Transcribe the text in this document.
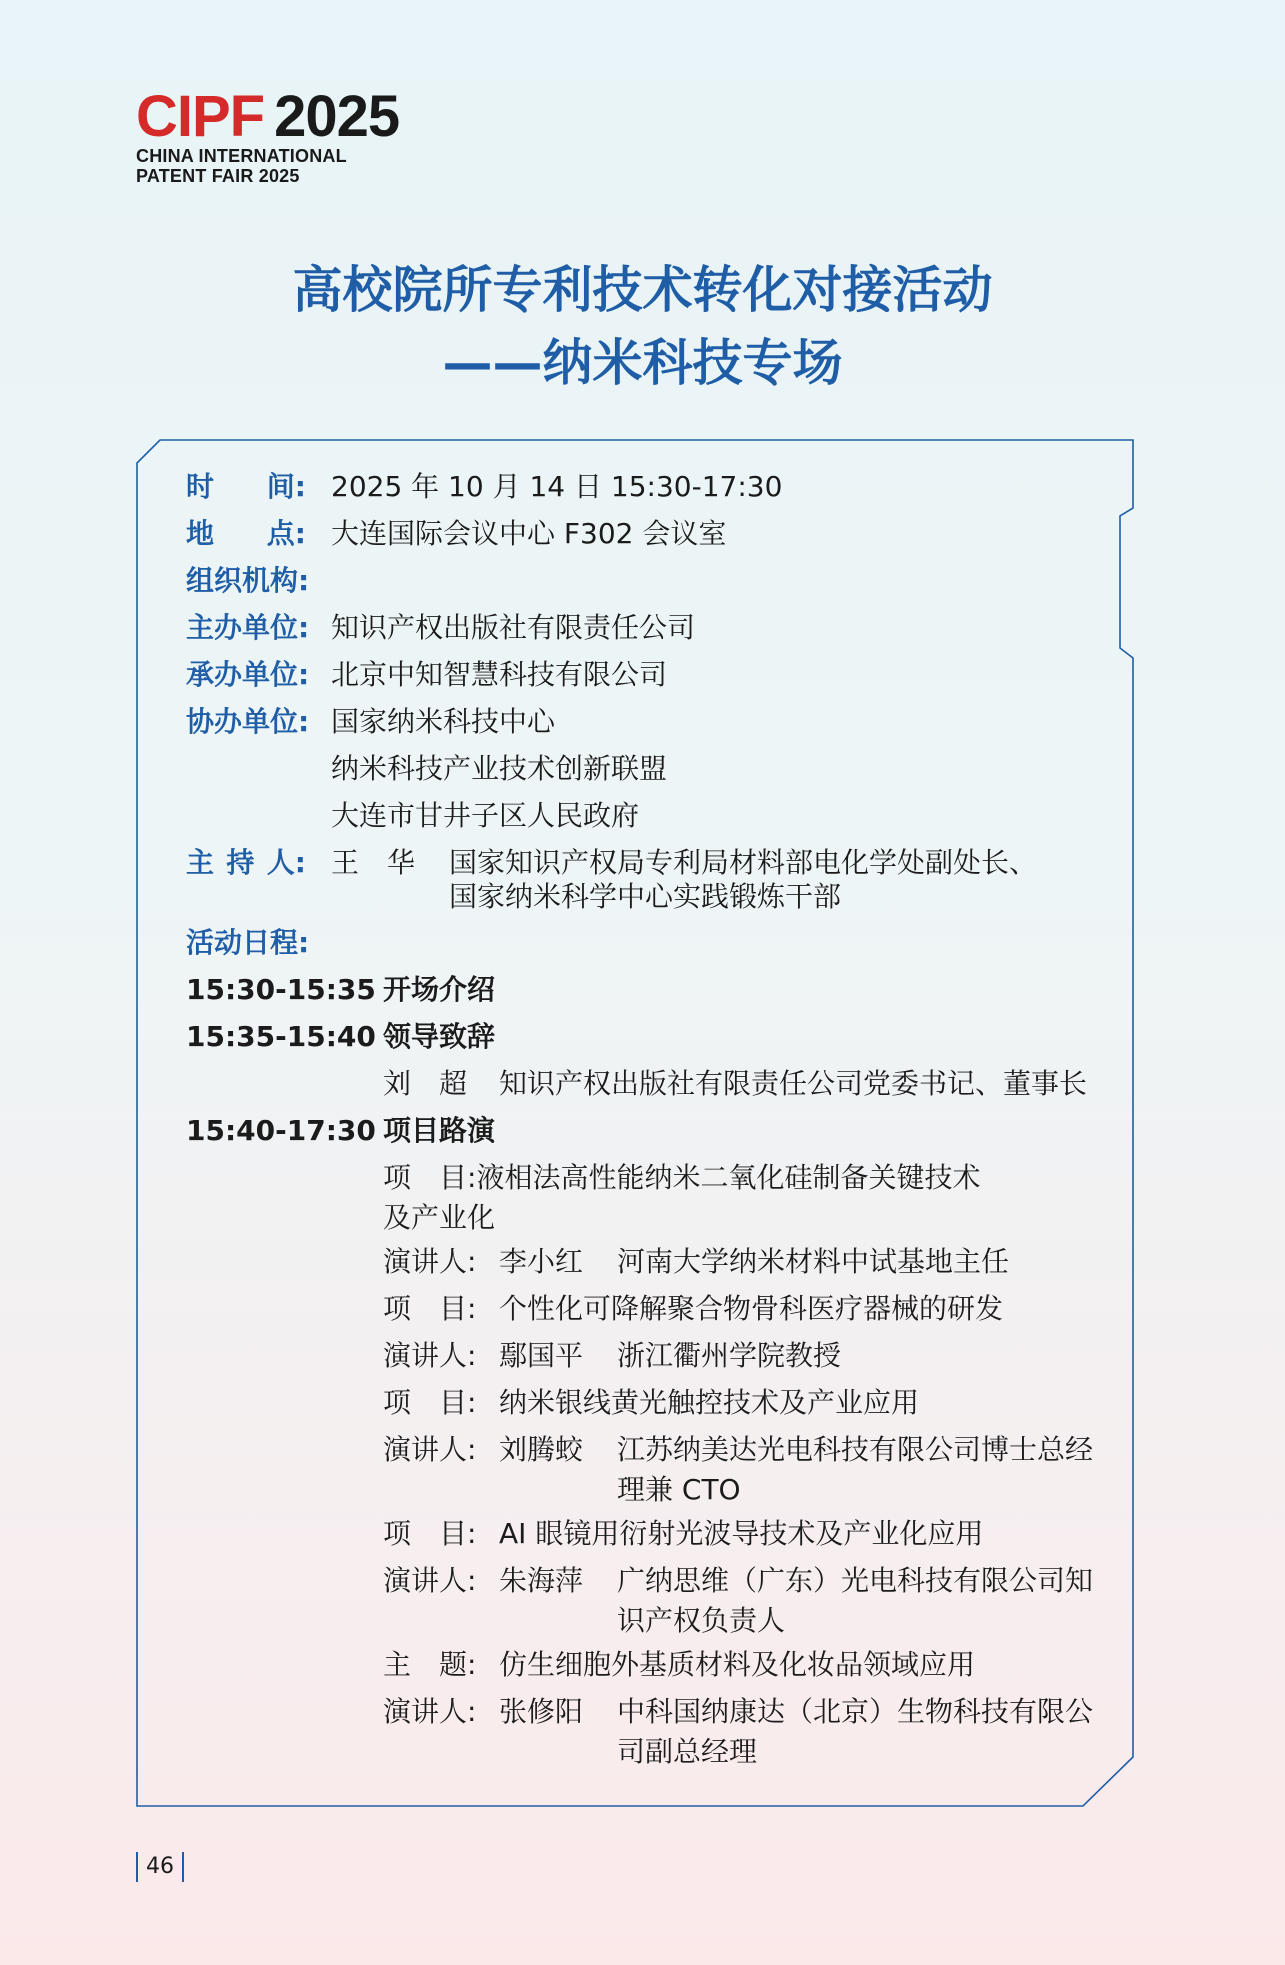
CIPF 2025
CHINA INTERNATIONAL
PATENT FAIR 2025
高校院所专利技术转化对接活动
——纳米科技专场
时 间: 2025 年 10 月 14 日 15:30-17:30
地 点: 大连国际会议中心 F302 会议室
组织机构:
主办单位: 知识产权出版社有限责任公司
承办单位: 北京中知智慧科技有限公司
协办单位: 国家纳米科技中心
纳米科技产业技术创新联盟
大连市甘井子区人民政府
主 持 人: 王　华 国家知识产权局专利局材料部电化学处副处长、
国家纳米科学中心实践锻炼干部
活动日程:
15:30-15:35 开场介绍
15:35-15:40 领导致辞
刘　超 知识产权出版社有限责任公司党委书记、董事长
15:40-17:30 项目路演
项　目:液相法高性能纳米二氧化硅制备关键技术及产业化
演讲人: 李小红 河南大学纳米材料中试基地主任
项　目: 个性化可降解聚合物骨科医疗器械的研发
演讲人: 鄢国平 浙江衢州学院教授
项　目: 纳米银线黄光触控技术及产业应用
演讲人: 刘腾蛟 江苏纳美达光电科技有限公司博士总经理兼 CTO
项　目: AI 眼镜用衍射光波导技术及产业化应用
演讲人: 朱海萍 广纳思维（广东）光电科技有限公司知识产权负责人
主　题: 仿生细胞外基质材料及化妆品领域应用
演讲人: 张修阳 中科国纳康达（北京）生物科技有限公司副总经理
46
